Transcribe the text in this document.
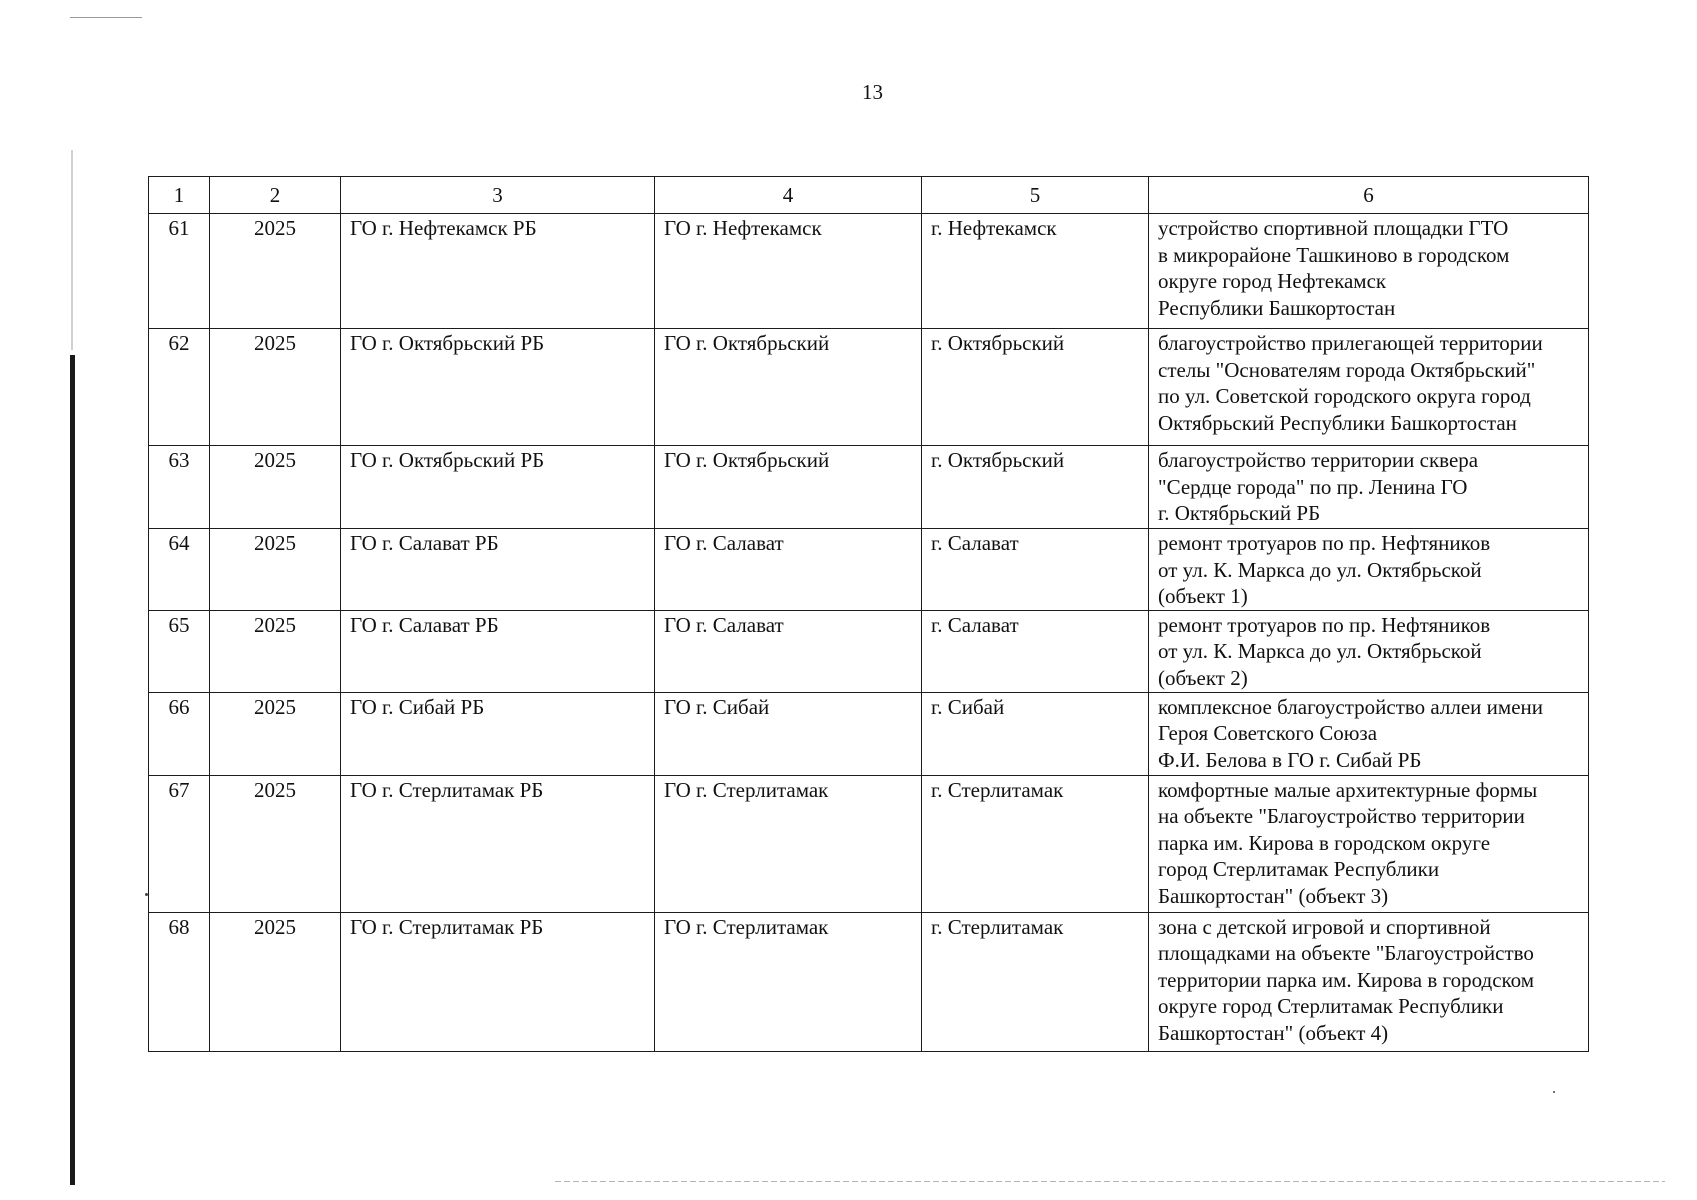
13
1	2	3	4	5	6
61	2025	ГО г. Нефтекамск РБ	ГО г. Нефтекамск	г. Нефтекамск	устройство спортивной площадки ГТО
в микрорайоне Ташкиново в городском
округе город Нефтекамск
Республики Башкортостан

62	2025	ГО г. Октябрьский РБ	ГО г. Октябрьский	г. Октябрьский	благоустройство прилегающей территории
стелы "Основателям города Октябрьский"
по ул. Советской городского округа город
Октябрьский Республики Башкортостан

63	2025	ГО г. Октябрьский РБ	ГО г. Октябрьский	г. Октябрьский	благоустройство территории сквера
"Сердце города" по пр. Ленина ГО
г. Октябрьский РБ

64	2025	ГО г. Салават РБ	ГО г. Салават	г. Салават	ремонт тротуаров по пр. Нефтяников
от ул. К. Маркса до ул. Октябрьской
(объект 1)

65	2025	ГО г. Салават РБ	ГО г. Салават	г. Салават	ремонт тротуаров по пр. Нефтяников
от ул. К. Маркса до ул. Октябрьской
(объект 2)

66	2025	ГО г. Сибай РБ	ГО г. Сибай	г. Сибай	комплексное благоустройство аллеи имени
Героя Советского Союза
Ф.И. Белова в ГО г. Сибай РБ

67	2025	ГО г. Стерлитамак РБ	ГО г. Стерлитамак	г. Стерлитамак	комфортные малые архитектурные формы
на объекте "Благоустройство территории
парка им. Кирова в городском округе
город Стерлитамак Республики
Башкортостан" (объект 3)

68	2025	ГО г. Стерлитамак РБ	ГО г. Стерлитамак	г. Стерлитамак	зона с детской игровой и спортивной
площадками на объекте "Благоустройство
территории парка им. Кирова в городском
округе город Стерлитамак Республики
Башкортостан" (объект 4)
